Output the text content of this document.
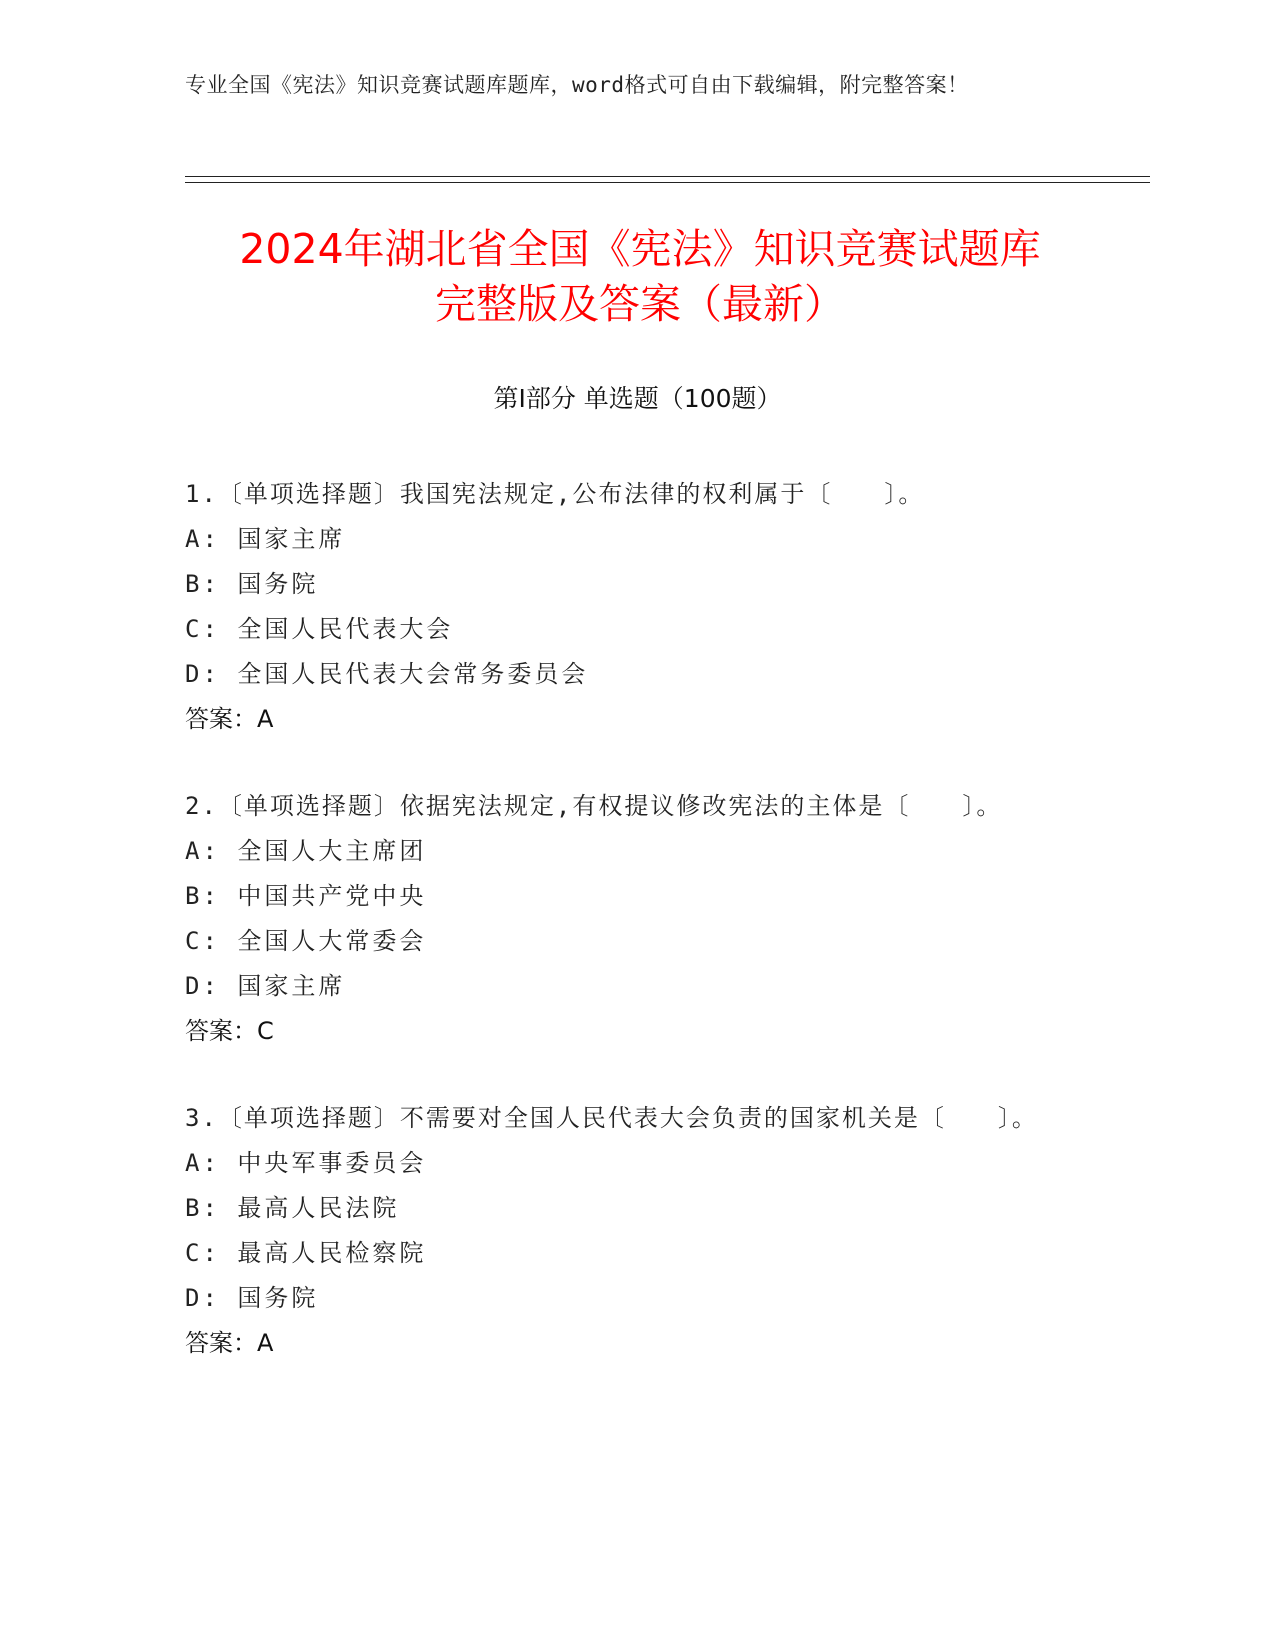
专业全国《宪法》知识竞赛试题库题库，word格式可自由下载编辑，附完整答案！
2024年湖北省全国《宪法》知识竞赛试题库
完整版及答案（最新）
第I部分 单选题（100题）
1.〔单项选择题〕我国宪法规定,公布法律的权利属于〔　　〕。
A: 国家主席
B: 国务院
C: 全国人民代表大会
D: 全国人民代表大会常务委员会
答案：A
2.〔单项选择题〕依据宪法规定,有权提议修改宪法的主体是〔　　〕。
A: 全国人大主席团
B: 中国共产党中央
C: 全国人大常委会
D: 国家主席
答案：C
3.〔单项选择题〕不需要对全国人民代表大会负责的国家机关是〔　　〕。
A: 中央军事委员会
B: 最高人民法院
C: 最高人民检察院
D: 国务院
答案：A
